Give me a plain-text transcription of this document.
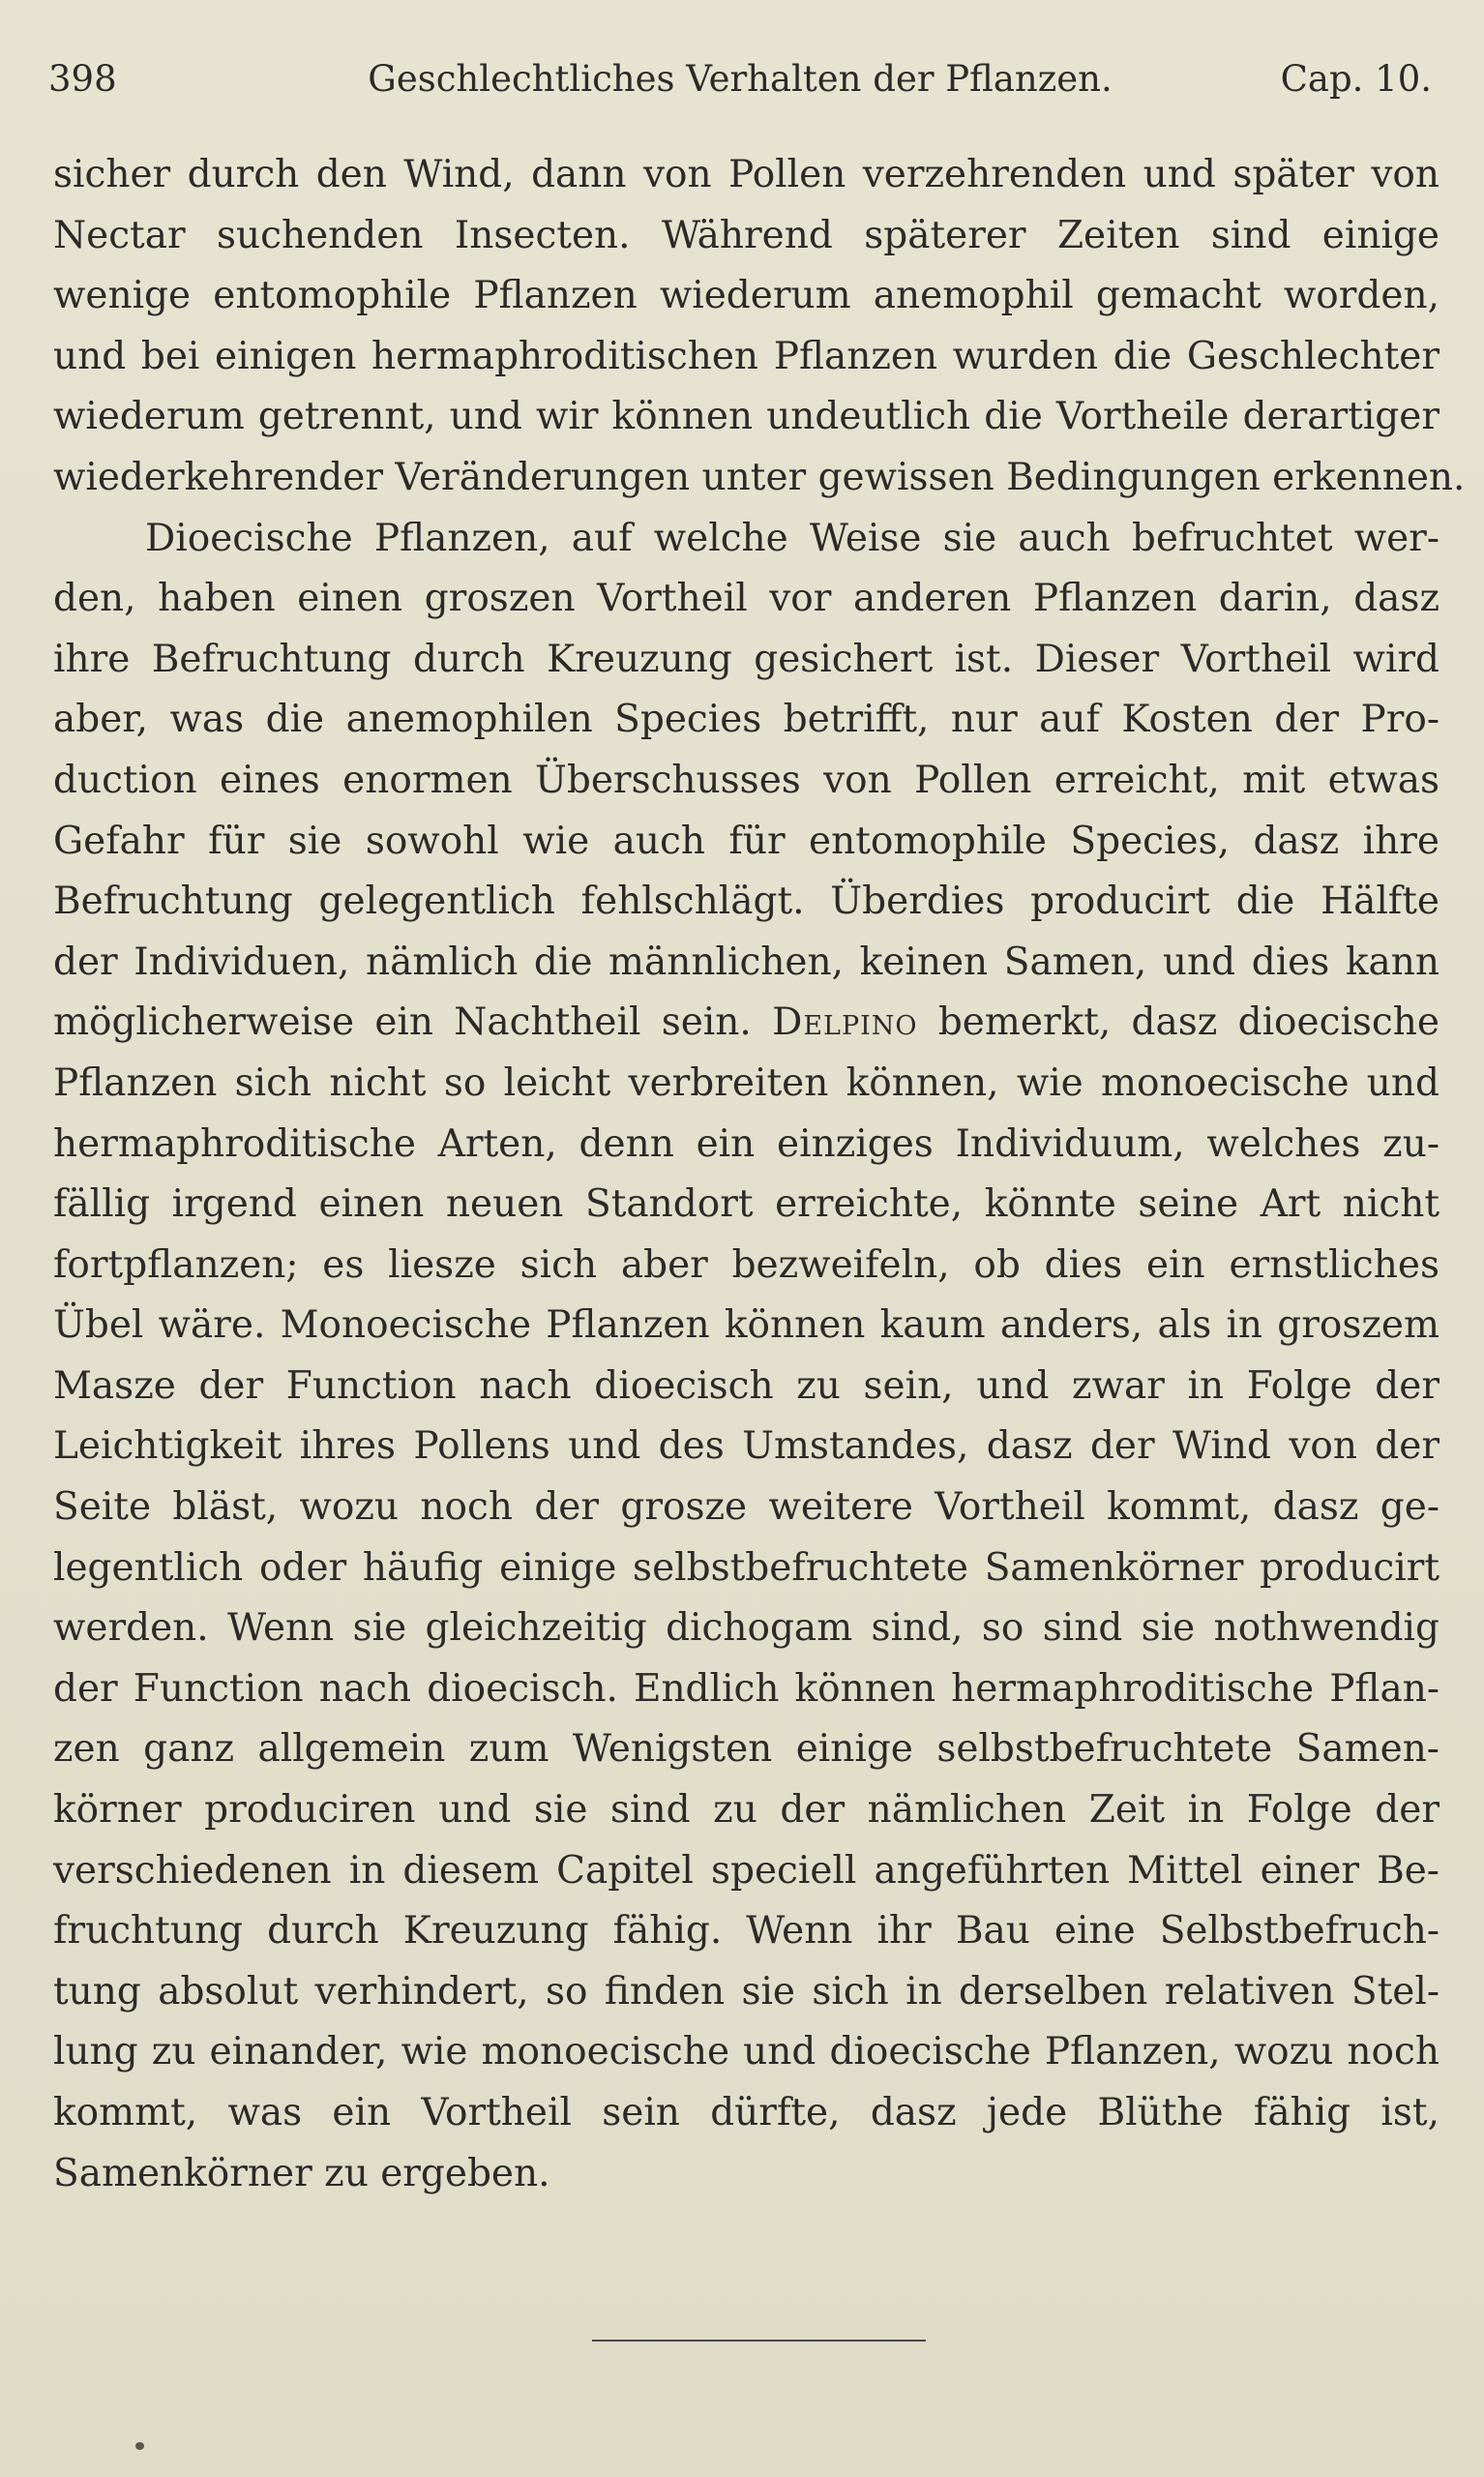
398	Geschlechtliches Verhalten der Pflanzen.	Cap. 10.
sicher durch den Wind, dann von Pollen verzehrenden und später von
Nectar suchenden Insecten. Während späterer Zeiten sind einige
wenige entomophile Pflanzen wiederum anemophil gemacht worden,
und bei einigen hermaphroditischen Pflanzen wurden die Geschlechter
wiederum getrennt, und wir können undeutlich die Vortheile derartiger
wiederkehrender Veränderungen unter gewissen Bedingungen erkennen.
Dioecische Pflanzen, auf welche Weise sie auch befruchtet wer-
den, haben einen groszen Vortheil vor anderen Pflanzen darin, dasz
ihre Befruchtung durch Kreuzung gesichert ist. Dieser Vortheil wird
aber, was die anemophilen Species betrifft, nur auf Kosten der Pro-
duction eines enormen Überschusses von Pollen erreicht, mit etwas
Gefahr für sie sowohl wie auch für entomophile Species, dasz ihre
Befruchtung gelegentlich fehlschlägt. Überdies producirt die Hälfte
der Individuen, nämlich die männlichen, keinen Samen, und dies kann
möglicherweise ein Nachtheil sein. Delpino bemerkt, dasz dioecische
Pflanzen sich nicht so leicht verbreiten können, wie monoecische und
hermaphroditische Arten, denn ein einziges Individuum, welches zu-
fällig irgend einen neuen Standort erreichte, könnte seine Art nicht
fortpflanzen; es liesze sich aber bezweifeln, ob dies ein ernstliches
Übel wäre. Monoecische Pflanzen können kaum anders, als in groszem
Masze der Function nach dioecisch zu sein, und zwar in Folge der
Leichtigkeit ihres Pollens und des Umstandes, dasz der Wind von der
Seite bläst, wozu noch der grosze weitere Vortheil kommt, dasz ge-
legentlich oder häufig einige selbstbefruchtete Samenkörner producirt
werden. Wenn sie gleichzeitig dichogam sind, so sind sie nothwendig
der Function nach dioecisch. Endlich können hermaphroditische Pflan-
zen ganz allgemein zum Wenigsten einige selbstbefruchtete Samen-
körner produciren und sie sind zu der nämlichen Zeit in Folge der
verschiedenen in diesem Capitel speciell angeführten Mittel einer Be-
fruchtung durch Kreuzung fähig. Wenn ihr Bau eine Selbstbefruch-
tung absolut verhindert, so finden sie sich in derselben relativen Stel-
lung zu einander, wie monoecische und dioecische Pflanzen, wozu noch
kommt, was ein Vortheil sein dürfte, dasz jede Blüthe fähig ist,
Samenkörner zu ergeben.
